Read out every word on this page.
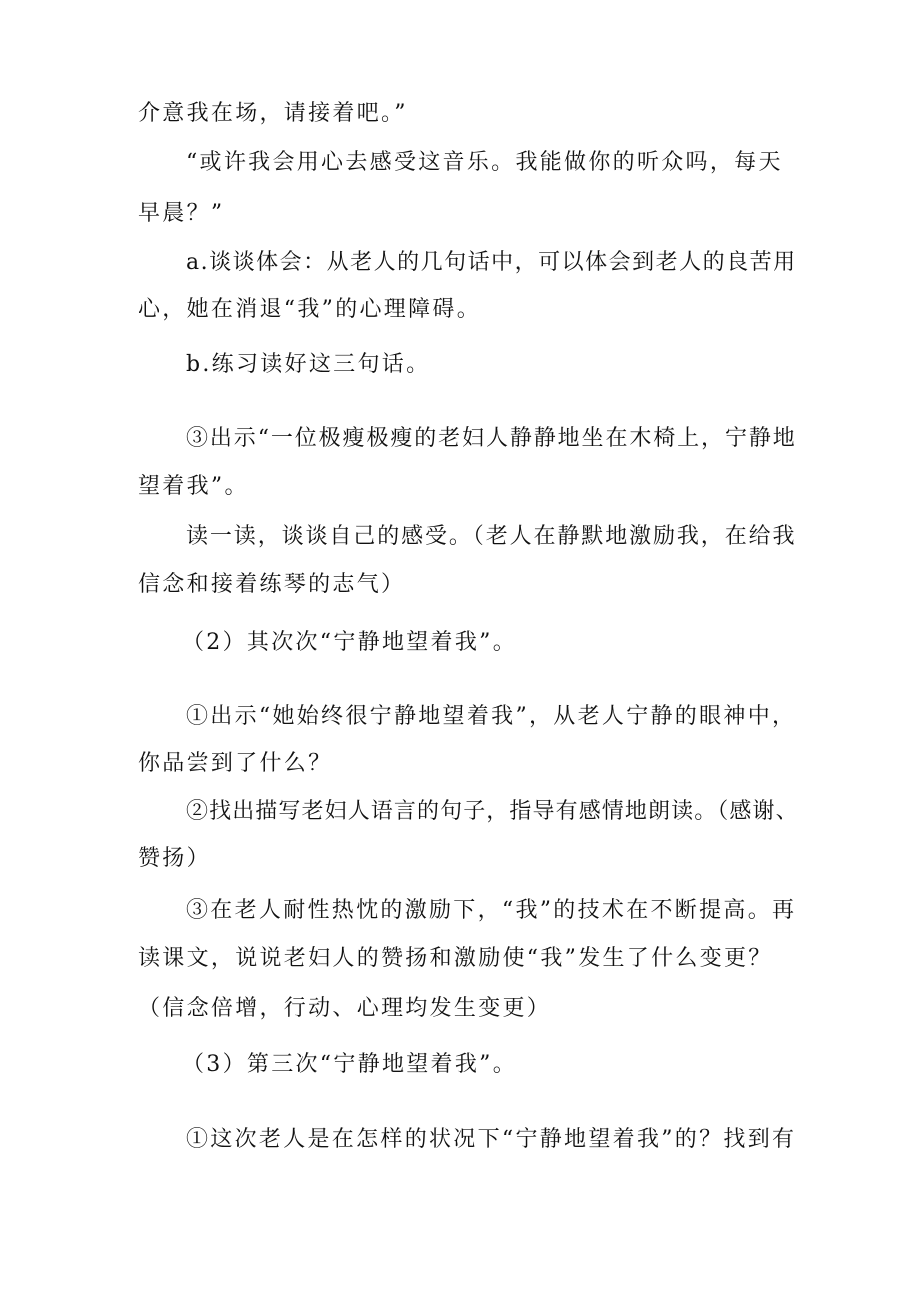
介意我在场，请接着吧。”
“或许我会用心去感受这音乐。我能做你的听众吗，每天
早晨？”
a.谈谈体会：从老人的几句话中，可以体会到老人的良苦用
心，她在消退“我”的心理障碍。
b.练习读好这三句话。
③出示“一位极瘦极瘦的老妇人静静地坐在木椅上，宁静地
望着我”。
读一读，谈谈自己的感受。（老人在静默地激励我，在给我
信念和接着练琴的志气）
（2）其次次“宁静地望着我”。
①出示“她始终很宁静地望着我”，从老人宁静的眼神中，
你品尝到了什么？
②找出描写老妇人语言的句子，指导有感情地朗读。（感谢、
赞扬）
③在老人耐性热忱的激励下，“我”的技术在不断提高。再
读课文，说说老妇人的赞扬和激励使“我”发生了什么变更？
（信念倍增，行动、心理均发生变更）
（3）第三次“宁静地望着我”。
①这次老人是在怎样的状况下“宁静地望着我”的？找到有
